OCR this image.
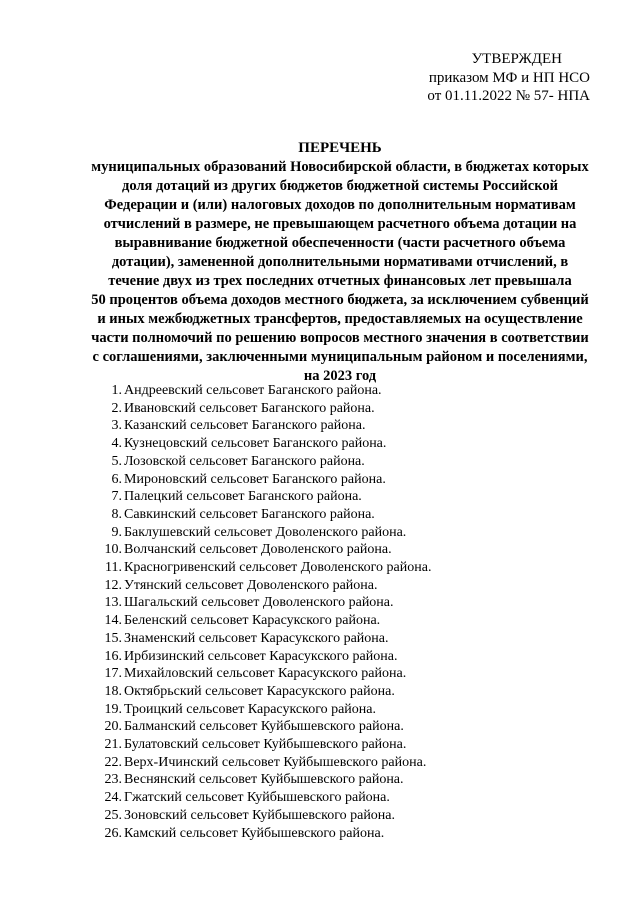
УТВЕРЖДЕН
приказом МФ и НП НСО
от 01.11.2022 № 57- НПА
ПЕРЕЧЕНЬ
муниципальных образований Новосибирской области, в бюджетах которых
доля дотаций из других бюджетов бюджетной системы Российской
Федерации и (или) налоговых доходов по дополнительным нормативам
отчислений в размере, не превышающем расчетного объема дотации на
выравнивание бюджетной обеспеченности (части расчетного объема
дотации), замененной дополнительными нормативами отчислений, в
течение двух из трех последних отчетных финансовых лет превышала
50 процентов объема доходов местного бюджета, за исключением субвенций
и иных межбюджетных трансфертов, предоставляемых на осуществление
части полномочий по решению вопросов местного значения в соответствии
с соглашениями, заключенными муниципальным районом и поселениями,
на 2023 год
1. Андреевский сельсовет Баганского района.
2. Ивановский сельсовет Баганского района.
3. Казанский сельсовет Баганского района.
4. Кузнецовский сельсовет Баганского района.
5. Лозовской сельсовет Баганского района.
6. Мироновский сельсовет Баганского района.
7. Палецкий сельсовет Баганского района.
8. Савкинский сельсовет Баганского района.
9. Баклушевский сельсовет Доволенского района.
10. Волчанский сельсовет Доволенского района.
11. Красногривенский сельсовет Доволенского района.
12. Утянский сельсовет Доволенского района.
13. Шагальский сельсовет Доволенского района.
14. Беленский сельсовет Карасукского района.
15. Знаменский сельсовет Карасукского района.
16. Ирбизинский сельсовет Карасукского района.
17. Михайловский сельсовет Карасукского района.
18. Октябрьский сельсовет Карасукского района.
19. Троицкий сельсовет Карасукского района.
20. Балманский сельсовет Куйбышевского района.
21. Булатовский сельсовет Куйбышевского района.
22. Верх-Ичинский сельсовет Куйбышевского района.
23. Веснянский сельсовет Куйбышевского района.
24. Гжатский сельсовет Куйбышевского района.
25. Зоновский сельсовет Куйбышевского района.
26. Камский сельсовет Куйбышевского района.
